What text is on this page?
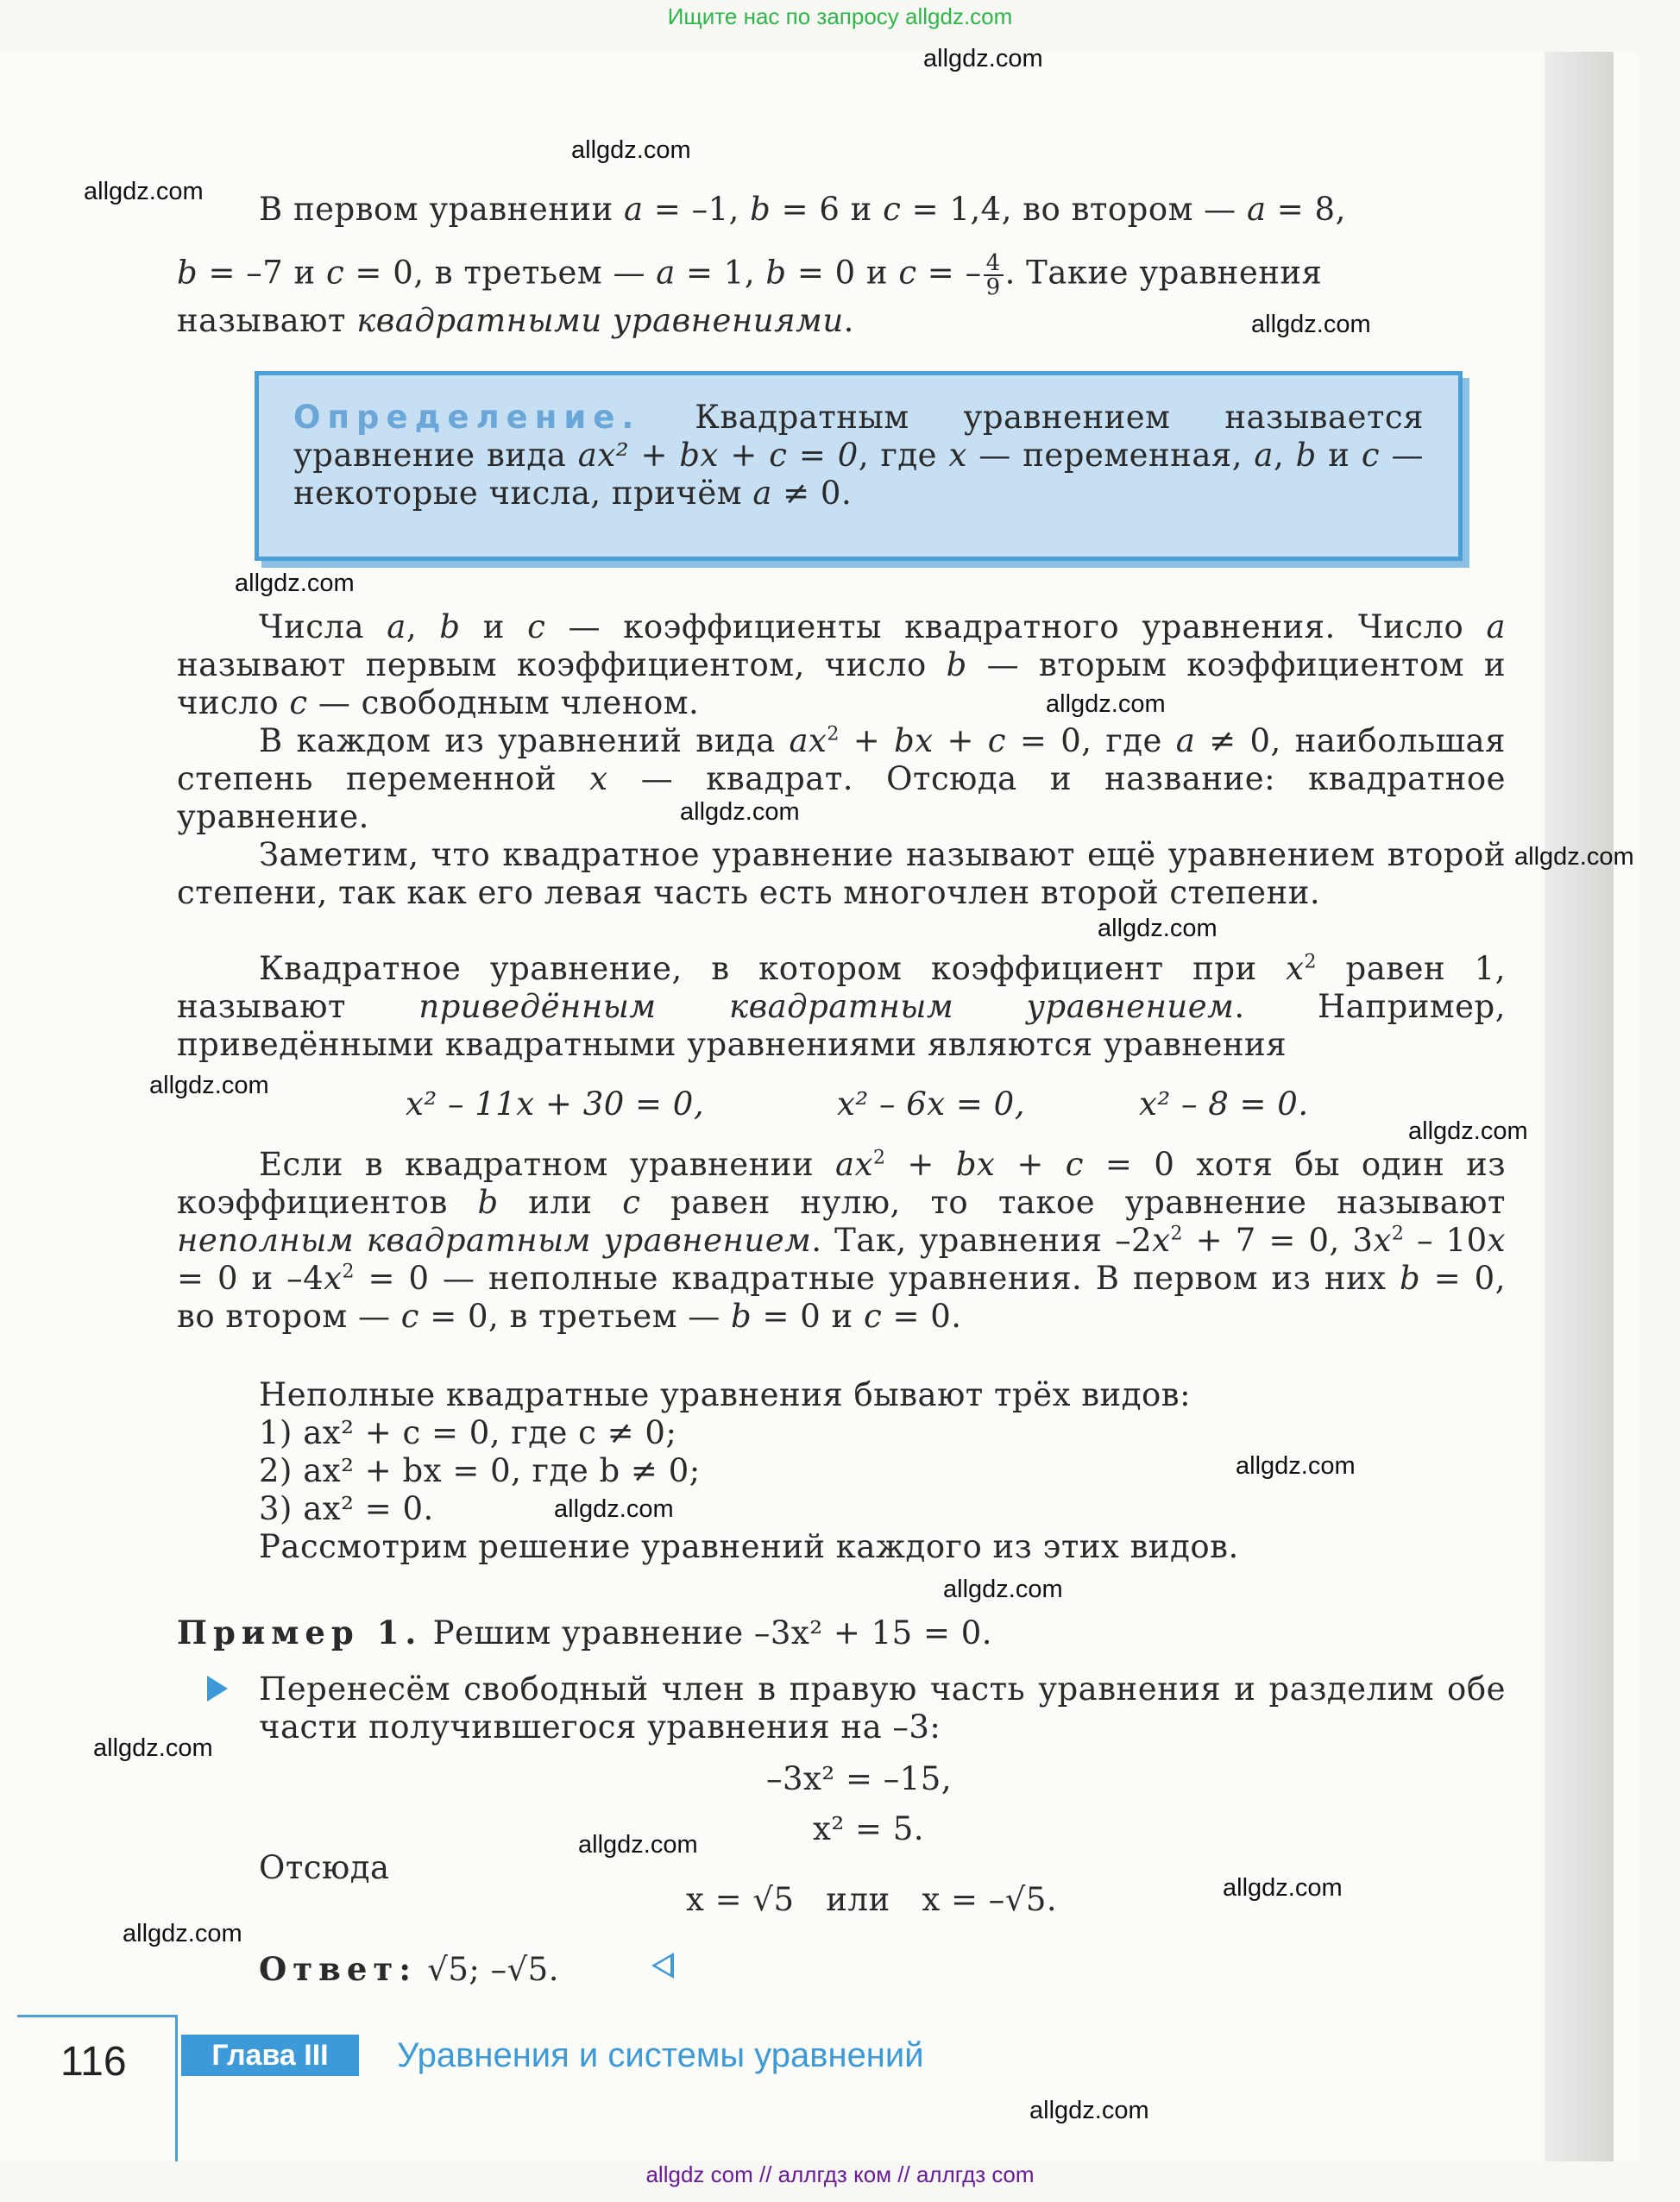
Ищите нас по запросу allgdz.com
allgdz.com
allgdz.com
allgdz.com
allgdz.com
allgdz.com
allgdz.com
allgdz.com
allgdz.com
allgdz.com
allgdz.com
allgdz.com
allgdz.com
allgdz.com
allgdz.com
allgdz.com
allgdz.com
allgdz.com
allgdz.com
allgdz.com
В первом уравнении a = –1, b = 6 и c = 1,4, во втором — a = 8,
b = –7 и c = 0, в третьем — a = 1, b = 0 и c = – $\frac{4}{9}$ . Такие уравнения
называют квадратными уравнениями.
Определение. Квадратным уравнением называется уравнение вида ax² + bx + c = 0, где x — переменная, a, b и c — некоторые числа, причём a ≠ 0.
Числа a, b и c — коэффициенты квадратного уравнения. Число a называют первым коэффициентом, число b — вторым коэффициентом и число c — свободным членом.
В каждом из уравнений вида $ax^2$ + bx + c = 0, где a ≠ 0, наибольшая степень переменной x — квадрат. Отсюда и название: квадратное уравнение.
Заметим, что квадратное уравнение называют ещё уравнением второй степени, так как его левая часть есть многочлен второй степени.
Квадратное уравнение, в котором коэффициент при $x^2$ равен 1, называют приведённым квадратным уравнением. Например, приведёнными квадратными уравнениями являются уравнения
x² – 11x + 30 = 0,	x² – 6x = 0,	x² – 8 = 0.
Если в квадратном уравнении $ax^2$ + bx + c = 0 хотя бы один из коэффициентов b или c равен нулю, то такое уравнение называют неполным квадратным уравнением. Так, уравнения $-2x^2 + 7 = 0$, $3x^2 - 10x = 0$ и $-4x^2 = 0$ — неполные квадратные уравнения. В первом из них b = 0, во втором — c = 0, в третьем — b = 0 и c = 0.
Неполные квадратные уравнения бывают трёх видов:
1) ax² + c = 0, где c ≠ 0;
2) ax² + bx = 0, где b ≠ 0;
3) ax² = 0.
Рассмотрим решение уравнений каждого из этих видов.
Пример 1. Решим уравнение –3x² + 15 = 0.
Перенесём свободный член в правую часть уравнения и разделим обе части получившегося уравнения на –3:
–3x² = –15,
x² = 5.
Отсюда
x = √5   или   x = –√5.
Ответ: √5; –√5.
116	Глава III	Уравнения и системы уравнений
allgdz com // аллгдз ком // аллгдз com
